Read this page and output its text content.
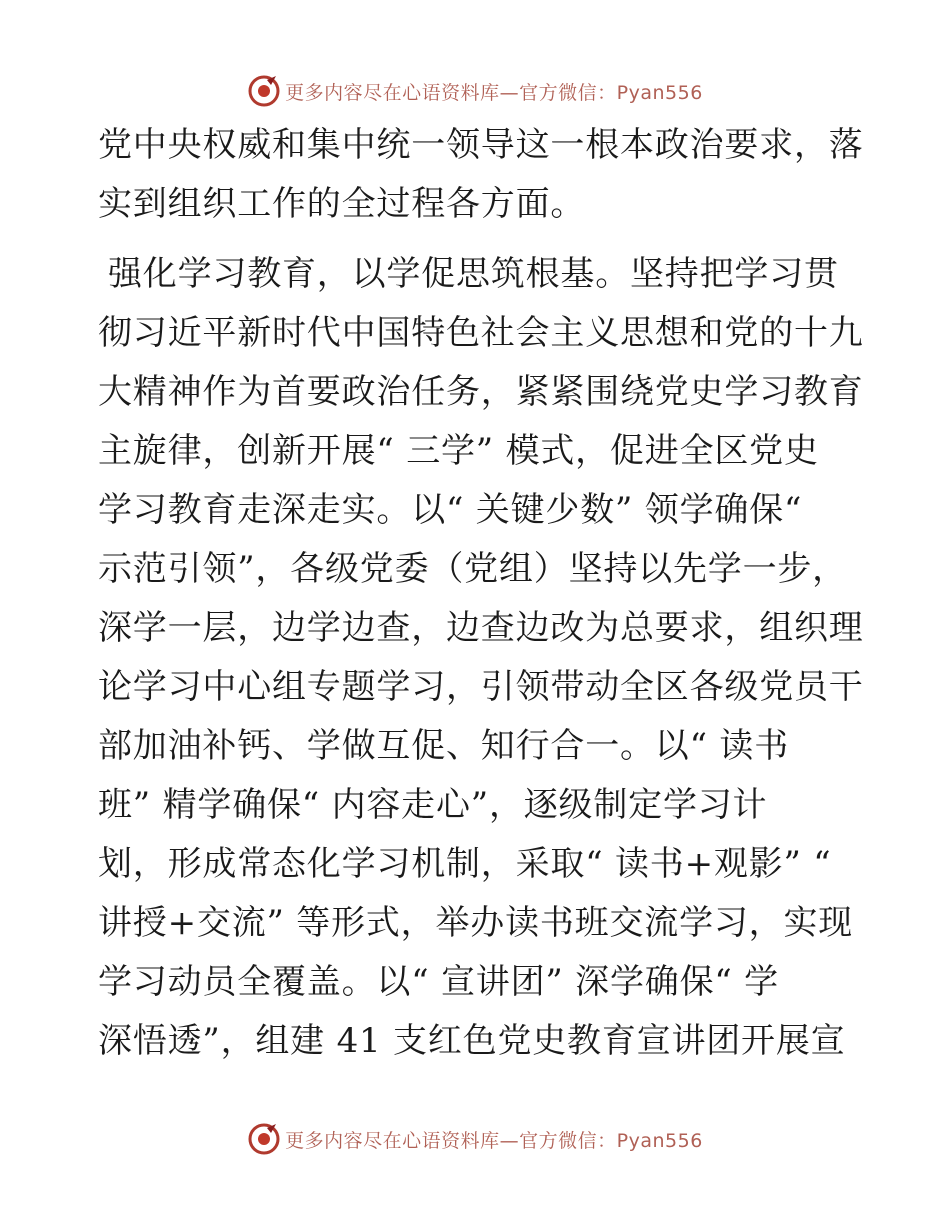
更多内容尽在心语资料库—官方微信：Pyan556

党中央权威和集中统一领导这一根本政治要求，落

实到组织工作的全过程各方面。

强化学习教育，以学促思筑根基。坚持把学习贯

彻习近平新时代中国特色社会主义思想和党的十九

大精神作为首要政治任务，紧紧围绕党史学习教育

主旋律，创新开展“ 三学” 模式，促进全区党史

学习教育走深走实。以“ 关键少数” 领学确保“

示范引领”，各级党委（党组）坚持以先学一步，

深学一层，边学边查，边查边改为总要求，组织理

论学习中心组专题学习，引领带动全区各级党员干

部加油补钙、学做互促、知行合一。以“ 读书

班” 精学确保“ 内容走心”，逐级制定学习计

划，形成常态化学习机制，采取“ 读书+观影” “

讲授+交流” 等形式，举办读书班交流学习，实现

学习动员全覆盖。以“ 宣讲团” 深学确保“ 学

深悟透”，组建 41 支红色党史教育宣讲团开展宣

更多内容尽在心语资料库—官方微信：Pyan556
